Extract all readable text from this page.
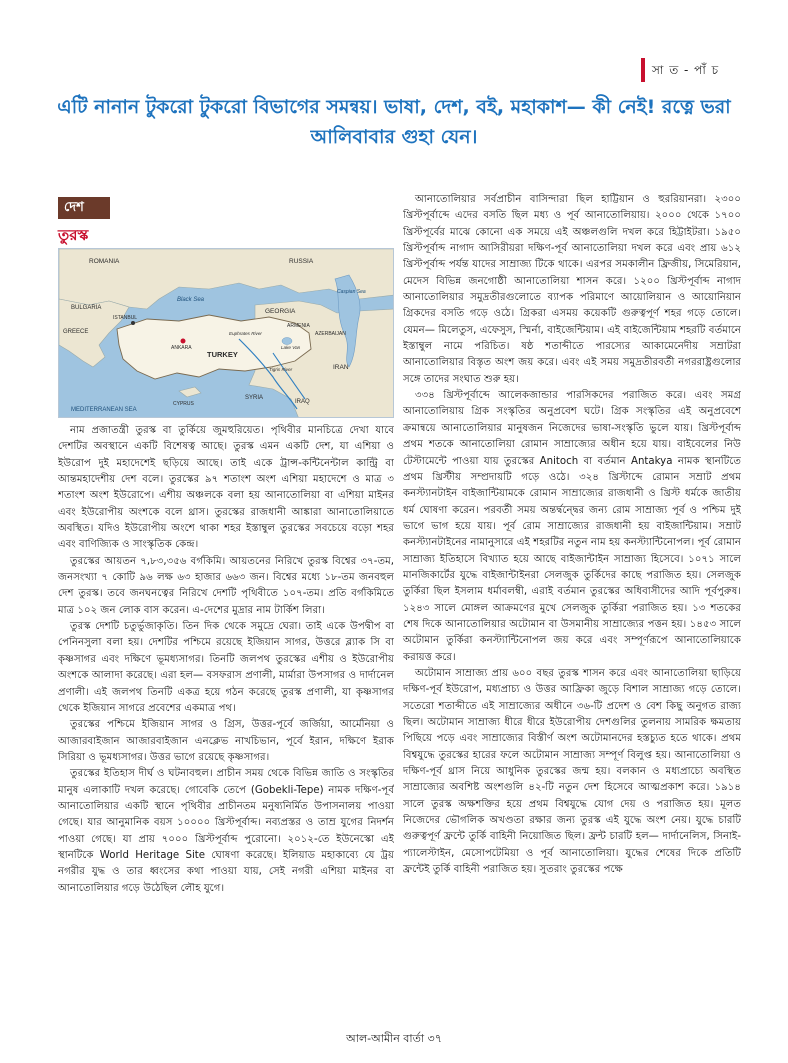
সা ত - পাঁ চ
এটি নানান টুকরো টুকরো বিভাগের সমন্বয়। ভাষা, দেশ, বই, মহাকাশ— কী নেই! রত্নে ভরা আলিবাবার গুহা যেন।
দেশ
তুরস্ক
ROMANIA	RUSSIA
Black Sea
Caspian Sea
BULGARIA	GEORGIA
ISTANBUL
ARMENIA
AZERBAIJAN
GREECE
ANKARA
Euphrates River
Lake Van
Tigris River
TURKEY
IRAN
CYPRUS
SYRIA
IRAQ
MEDITERRANEAN SEA

নাম প্রজাতন্ত্রী তুরস্ক বা তুর্কিয়ে জুমহুরিয়েত। পৃথিবীর মানচিত্রে দেখা যাবে দেশটির অবস্থানে একটি বিশেষত্ব আছে। তুরস্ক এমন একটি দেশ, যা এশিয়া ও ইউরোপ দুই মহাদেশেই ছড়িয়ে আছে। তাই একে ট্রান্স-কন্টিনেন্টাল কান্ট্রি বা আন্তমহাদেশীয় দেশ বলে। তুরস্কের ৯৭ শতাংশ অংশ এশিয়া মহাদেশে ও মাত্র ৩ শতাংশ অংশ ইউরোপে। এশীয় অঞ্চলকে বলা হয় আনাতোলিয়া বা এশিয়া মাইনর এবং ইউরোপীয় অংশকে বলে থ্রাস। তুরস্কের রাজধানী আঙ্কারা আনাতোলিয়াতে অবস্থিত। যদিও ইউরোপীয় অংশে থাকা শহর ইস্তাম্বুল তুরস্কের সবচেয়ে বড়ো শহর এবং বাণিজ্যিক ও সাংস্কৃতিক কেন্দ্র।

তুরস্কের আয়তন ৭,৮৩,৩৫৬ বর্গকিমি। আয়তনের নিরিখে তুরস্ক বিশ্বের ৩৭-তম, জনসংখ্যা ৭ কোটি ৯৬ লক্ষ ৬৩ হাজার ৬৬৩ জন। বিশ্বের মধ্যে ১৮-তম জনবহুল দেশ তুরস্ক। তবে জনঘনত্বের নিরিখে দেশটি পৃথিবীতে ১০৭-তম। প্রতি বর্গকিমিতে মাত্র ১০২ জন লোক বাস করেন। এ-দেশের মুদ্রার নাম টার্কিশ লিরা।

তুরস্ক দেশটি চতুর্ভুজাকৃতি। তিন দিক থেকে সমুদ্রে ঘেরা। তাই একে উপদ্বীপ বা পেনিনসুলা বলা হয়। দেশটির পশ্চিমে রয়েছে ইজিয়ান সাগর, উত্তরে ব্ল্যাক সি বা কৃষ্ণসাগর এবং দক্ষিণে ভূমধ্যসাগর। তিনটি জলপথ তুরস্কের এশীয় ও ইউরোপীয় অংশকে আলাদা করেছে। এরা হল— বসফরাস প্রণালী, মার্মারা উপসাগর ও দার্দানেল প্রণালী। এই জলপথ তিনটি একত্র হয়ে গঠন করেছে তুরস্ক প্রণালী, যা কৃষ্ণসাগর থেকে ইজিয়ান সাগরে প্রবেশের একমাত্র পথ।

তুরস্কের পশ্চিমে ইজিয়ান সাগর ও গ্রিস, উত্তর-পূর্বে জর্জিয়া, আর্মেনিয়া ও আজারবাইজান আজারবাইজান এনক্লেভ নাখচিভান, পূর্বে ইরান, দক্ষিণে ইরাক সিরিয়া ও ভূমধ্যসাগর। উত্তর ভাগে রয়েছে কৃষ্ণসাগর।

তুরস্কের ইতিহাস দীর্ঘ ও ঘটনাবহুল। প্রাচীন সময় থেকে বিভিন্ন জাতি ও সংস্কৃতির মানুষ এলাকাটি দখল করেছে। গোবেকি তেপে (Gobekli-Tepe) নামক দক্ষিণ-পূর্ব আনাতোলিয়ার একটি স্থানে পৃথিবীর প্রাচীনতম মনুষ্যনির্মিত উপাসনালয় পাওয়া গেছে। যার আনুমানিক বয়স ১০০০০ খ্রিস্টপূর্বাব্দ। নব্যপ্রস্তর ও তাম্র যুগের নিদর্শন পাওয়া গেছে। যা প্রায় ৭০০০ খ্রিস্টপূর্বাব্দ পুরোনো। ২০১২-তে ইউনেস্কো এই স্থানটিকে World Heritage Site ঘোষণা করেছে। ইলিয়াড মহাকাব্যে যে ট্রয় নগরীর যুদ্ধ ও তার ধ্বংসের কথা পাওয়া যায়, সেই নগরী এশিয়া মাইনর বা আনাতোলিয়ার গড়ে উঠেছিল লৌহ যুগে।

আনাতোলিয়ার সর্বপ্রাচীন বাসিন্দারা ছিল হাট্টিয়ান ও হুররিয়ানরা। ২৩০০ খ্রিস্টপূর্বাব্দে এদের বসতি ছিল মধ্য ও পূর্ব আনাতোলিয়ায়। ২০০০ থেকে ১৭০০ খ্রিস্টপূর্বের মাঝে কোনো এক সময়ে এই অঞ্চলগুলি দখল করে হিট্টাইটরা। ১৯৫০ খ্রিস্টপূর্বাব্দ নাগাদ আসিরীয়রা দক্ষিণ-পূর্ব আনাতোলিয়া দখল করে এবং প্রায় ৬১২ খ্রিস্টপূর্বাব্দ পর্যন্ত যাদের সাম্রাজ্য টিকে থাকে। এরপর সমকালীন ফ্রিজীয়, সিমেরিয়ান, মেদেস বিভিন্ন জনগোষ্ঠী আনাতোলিয়া শাসন করে। ১২০০ খ্রিস্টপূর্বাব্দ নাগাদ আনাতোলিয়ার সমুদ্রতীরগুলোতে ব্যাপক পরিমাণে আয়োলিয়ান ও আয়োনিয়ান গ্রিকদের বসতি গড়ে ওঠে। গ্রিকরা এসময় কয়েকটি গুরুত্বপূর্ণ শহর গড়ে তোলে। যেমন— মিলেতুস, এফেসুস, স্মির্না, বাইজেন্টিয়াম। এই বাইজেন্টিয়াম শহরটি বর্তমানে ইস্তাম্বুল নামে পরিচিত। ষষ্ঠ শতাব্দীতে পারস্যের আকামেনেদীয় সম্রাটরা আনাতোলিয়ার বিস্তৃত অংশ জয় করে। এবং এই সময় সমুদ্রতীরবর্তী নগররাষ্ট্রগুলোর সঙ্গে তাদের সংঘাত শুরু হয়।

৩৩৪ খ্রিস্টপূর্বাব্দে আলেকজান্ডার পারসিকদের পরাজিত করে। এবং সমগ্র আনাতোলিয়ায় গ্রিক সংস্কৃতির অনুপ্রবেশ ঘটে। গ্রিক সংস্কৃতির এই অনুপ্রবেশে ক্রমান্বয়ে আনাতোলিয়ার মানুষজন নিজেদের ভাষা-সংস্কৃতি ভুলে যায়। খ্রিস্টপূর্বাব্দ প্রথম শতকে আনাতোলিয়া রোমান সাম্রাজ্যের অধীন হয়ে যায়। বাইবেলের নিউ টেস্টামেন্টে পাওয়া যায় তুরস্কের Anitoch বা বর্তমান Antakya নামক স্থানটিতে প্রথম খ্রিস্টীয় সম্প্রদায়টি গড়ে ওঠে। ৩২৪ খ্রিস্টাব্দে রোমান সম্রাট প্রথম কনস্ট্যানটাইন বাইজান্টিয়ামকে রোমান সাম্রাজ্যের রাজধানী ও খ্রিস্ট ধর্মকে জাতীয় ধর্ম ঘোষণা করেন। পরবর্তী সময় অন্তর্দ্বন্দ্বের জন্য রোম সাম্রাজ্য পূর্ব ও পশ্চিম দুই ভাগে ভাগ হয়ে যায়। পূর্ব রোম সাম্রাজ্যের রাজধানী হয় বাইজান্টিয়াম। সম্রাট কনস্ট্যানটাইনের নামানুসারে এই শহরটির নতুন নাম হয় কনস্ট্যান্টিনোপল। পূর্ব রোমান সাম্রাজ্য ইতিহাসে বিখ্যাত হয়ে আছে বাইজান্টাইন সাম্রাজ্য হিসেবে। ১০৭১ সালে মানজিকার্টের যুদ্ধে বাইজান্টাইনরা সেলজুক তুর্কিদের কাছে পরাজিত হয়। সেলজুক তুর্কিরা ছিল ইসলাম ধর্মাবলম্বী, এরাই বর্তমান তুরস্কের অধিবাসীদের আদি পূর্বপুরুষ। ১২৪৩ সালে মোঙ্গল আক্রমণের মুখে সেলজুক তুর্কিরা পরাজিত হয়। ১৩ শতকের শেষ দিকে আনাতোলিয়ার অটোমান বা উসমানীয় সাম্রাজ্যের পত্তন হয়। ১৪৫৩ সালে অটোমান তুর্কিরা কনস্ট্যান্টিনোপল জয় করে এবং সম্পূর্ণরূপে আনাতোলিয়াকে করায়ত্ত করে।

অটোমান সাম্রাজ্য প্রায় ৬০০ বছর তুরস্ক শাসন করে এবং আনাতোলিয়া ছাড়িয়ে দক্ষিণ-পূর্ব ইউরোপ, মধ্যপ্রাচ্য ও উত্তর আফ্রিকা জুড়ে বিশাল সাম্রাজ্য গড়ে তোলে। সতেরো শতাব্দীতে এই সাম্রাজ্যের অধীনে ৩৬-টি প্রদেশ ও বেশ কিছু অনুগত রাজ্য ছিল। অটোমান সাম্রাজ্য ধীরে ধীরে ইউরোপীয় দেশগুলির তুলনায় সামরিক ক্ষমতায় পিছিয়ে পড়ে এবং সাম্রাজ্যের বিস্তীর্ণ অংশ অটোমানদের হস্তচ্যুত হতে থাকে। প্রথম বিশ্বযুদ্ধে তুরস্কের হারের ফলে অটোমান সাম্রাজ্য সম্পূর্ণ বিলুপ্ত হয়। আনাতোলিয়া ও দক্ষিণ-পূর্ব থ্রাস নিয়ে আধুনিক তুরস্কের জন্ম হয়। বলকান ও মধ্যপ্রাচ্যে অবস্থিত সাম্রাজ্যের অবশিষ্ট অংশগুলি ৪২-টি নতুন দেশ হিসেবে আত্মপ্রকাশ করে। ১৯১৪ সালে তুরস্ক অক্ষশক্তির হয়ে প্রথম বিশ্বযুদ্ধে যোগ দেয় ও পরাজিত হয়। মূলত নিজেদের ভৌগলিক অখণ্ডতা রক্ষার জন্য তুরস্ক এই যুদ্ধে অংশ নেয়। যুদ্ধে চারটি গুরুত্বপূর্ণ ফ্রন্টে তুর্কি বাহিনী নিয়োজিত ছিল। ফ্রন্ট চারটি হল— দার্দানেলিস, সিনাই-প্যালেস্টাইন, মেসোপটেমিয়া ও পূর্ব আনাতোলিয়া। যুদ্ধের শেষের দিকে প্রতিটি ফ্রন্টেই তুর্কি বাহিনী পরাজিত হয়। সুতরাং তুরস্কের পক্ষে

আল-আমীন বার্তা ৩৭
